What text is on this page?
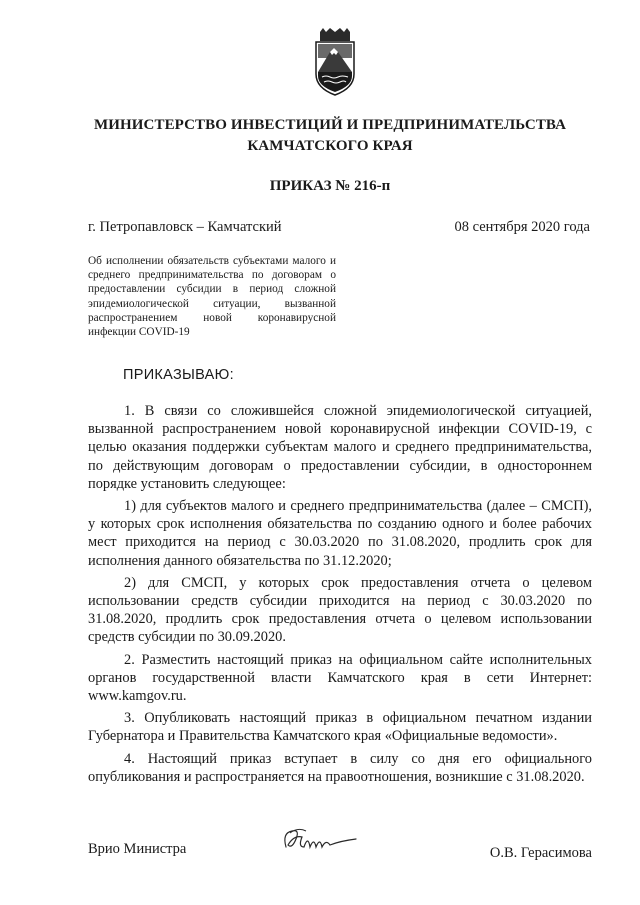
МИНИСТЕРСТВО ИНВЕСТИЦИЙ И ПРЕДПРИНИМАТЕЛЬСТВА
КАМЧАТСКОГО КРАЯ
ПРИКАЗ № 216-п
г. Петропавловск – Камчатский	08 сентября 2020 года
Об исполнении обязательств субъектами малого и среднего предпринимательства по договорам о предоставлении субсидии в период сложной эпидемиологической ситуации, вызванной распространением новой коронавирусной инфекции COVID-19
ПРИКАЗЫВАЮ:

1. В связи со сложившейся сложной эпидемиологической ситуацией, вызванной распространением новой коронавирусной инфекции COVID-19, с целью оказания поддержки субъектам малого и среднего предпринимательства, по действующим договорам о предоставлении субсидии, в одностороннем порядке установить следующее:

1) для субъектов малого и среднего предпринимательства (далее – СМСП), у которых срок исполнения обязательства по созданию одного и более рабочих мест приходится на период с 30.03.2020 по 31.08.2020, продлить срок для исполнения данного обязательства по 31.12.2020;

2) для СМСП, у которых срок предоставления отчета о целевом использовании средств субсидии приходится на период с 30.03.2020 по 31.08.2020, продлить срок предоставления отчета о целевом использовании средств субсидии по 30.09.2020.

2. Разместить настоящий приказ на официальном сайте исполнительных органов государственной власти Камчатского края в сети Интернет: www.kamgov.ru.

3. Опубликовать настоящий приказ в официальном печатном издании Губернатора и Правительства Камчатского края «Официальные ведомости».

4. Настоящий приказ вступает в силу со дня его официального опубликования и распространяется на правоотношения, возникшие с 31.08.2020.

Врио Министра	О.В. Герасимова
